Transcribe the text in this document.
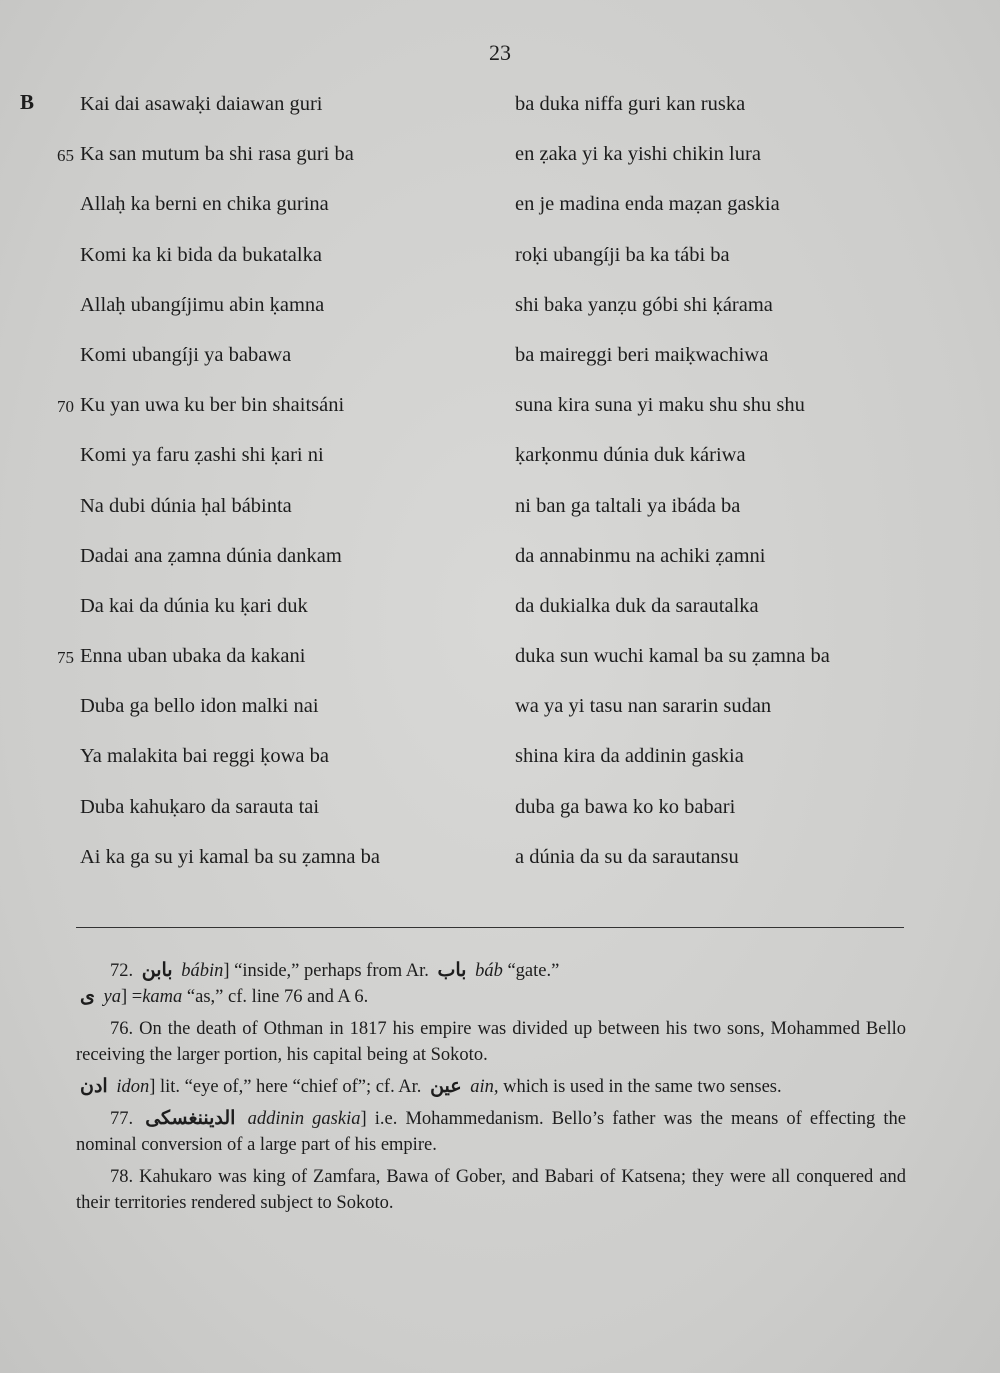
23
B Kai dai asawaḳi daiawan guri
65 Ka san mutum ba shi rasa guri ba
Allaḥ ka berni en chika gurina
Komi ka ki bida da bukatalka
Allaḥ ubangíjimu abin ḳamna
Komi ubangíji ya babawa
70 Ku yan uwa ku ber bin shaitsáni
Komi ya faru ẓashi shi ḳari ni
Na dubi dúnia ḥal bábinta
Dadai ana ẓamna dúnia dankam
Da kai da dúnia ku ḳari duk
75 Enna uban ubaka da kakani
Duba ga bello idon malki nai
Ya malakita bai reggi ḳowa ba
Duba kahuḳaro da sarauta tai
Ai ka ga su yi kamal ba su ẓamna ba
ba duka niffa guri kan ruska
en ẓaka yi ka yishi chikin lura
en je madina enda maẓan gaskia
roḳi ubangíji ba ka tábi ba
shi baka yanẓu góbi shi ḳárama
ba maireggi beri maiḳwachiwa
suna kira suna yi maku shu shu shu
ḳarḳonmu dúnia duk káriwa
ni ban ga taltali ya ibáda ba
da annabinmu na achiki ẓamni
da dukialka duk da sarautalka
duka sun wuchi kamal ba su ẓamna ba
wa ya yi tasu nan sararin sudan
shina kira da addinin gaskia
duba ga bawa ko ko babari
a dúnia da su da sarautansu

72. بابن bábin] “inside,” perhaps from Ar. باب báb “gate.”

ى ya] =kama “as,” cf. line 76 and A 6.

76. On the death of Othman in 1817 his empire was divided up between his two sons, Mohammed Bello receiving the larger portion, his capital being at Sokoto.

ادن idon] lit. “eye of,” here “chief of”; cf. Ar. عين ain, which is used in the same two senses.

77. الديننغسكى addinin gaskia] i.e. Mohammedanism. Bello’s father was the means of effecting the nominal conversion of a large part of his empire.

78. Kahukaro was king of Zamfara, Bawa of Gober, and Babari of Katsena; they were all conquered and their territories rendered subject to Sokoto.
